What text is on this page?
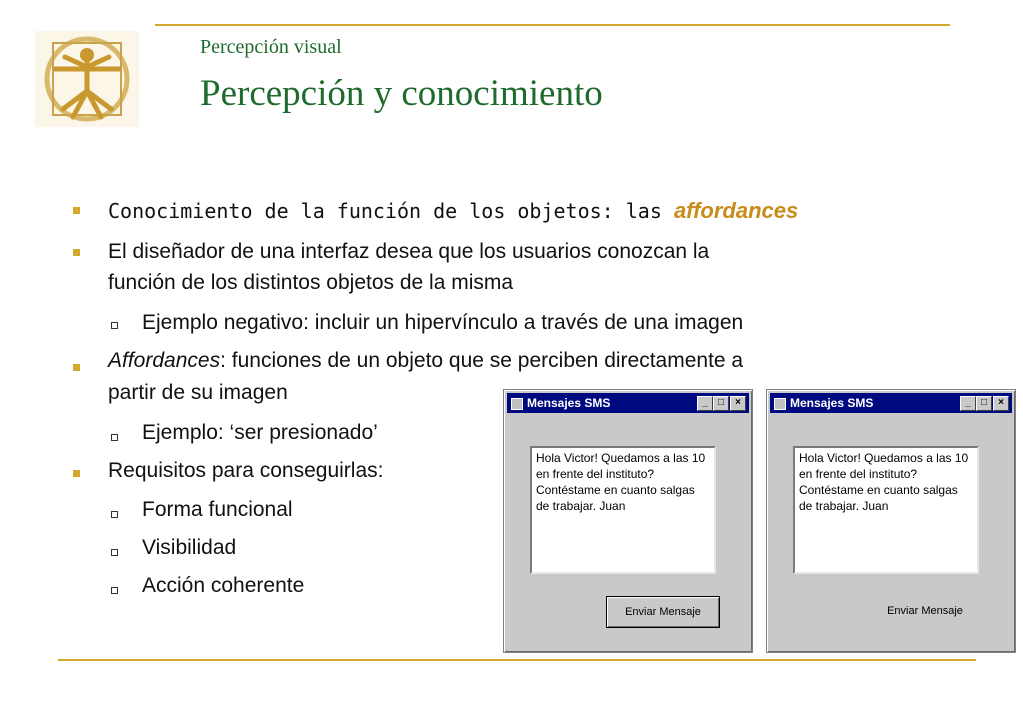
Percepción visual
Percepción y conocimiento
Conocimiento de la función de los objetos: las affordances
El diseñador de una interfaz desea que los usuarios conozcan la
función de los distintos objetos de la misma
Ejemplo negativo: incluir un hipervínculo a través de una imagen
Affordances: funciones de un objeto que se perciben directamente a
partir de su imagen
Ejemplo: ‘ser presionado’
Requisitos para conseguirlas:
Forma funcional
Visibilidad
Acción coherente
Mensajes SMS	_	□	×
Hola Victor! Quedamos a las 10 en frente del instituto? Contéstame en cuanto salgas de trabajar. Juan
Enviar Mensaje
Mensajes SMS	_	□	×
Hola Victor! Quedamos a las 10 en frente del instituto? Contéstame en cuanto salgas de trabajar. Juan
Enviar Mensaje
